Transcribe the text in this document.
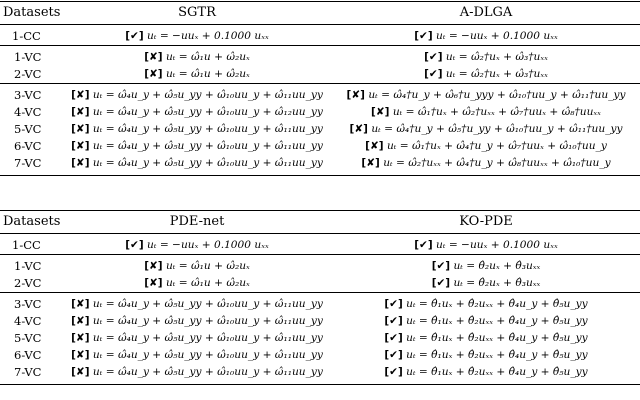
Datasets	SGTR	A-DLGA
1-CC	[✔] uₜ = −uuₓ + 0.1000 uₓₓ	[✔] uₜ = −uuₓ + 0.1000 uₓₓ
1-VC	[✘] uₜ = ω̂₁u + ω̂₂uₓ	[✔] uₜ = ω̂₂†uₓ + ω̂₃†uₓₓ
2-VC	[✘] uₜ = ω̂₁u + ω̂₂uₓ	[✔] uₜ = ω̂₂†uₓ + ω̂₃†uₓₓ
3-VC	[✘] uₜ = ω̂₄u_y + ω̂₅u_yy + ω̂₁₀uu_y + ω̂₁₁uu_yy	[✘] uₜ = ω̂₄†u_y + ω̂₆†u_yyy + ω̂₁₀†uu_y + ω̂₁₁†uu_yy
4-VC	[✘] uₜ = ω̂₄u_y + ω̂₅u_yy + ω̂₁₀uu_y + ω̂₁₂uu_yy	[✘] uₜ = ω̂₁†uₓ + ω̂₂†uₓₓ + ω̂₇†uuₓ + ω̂₈†uuₓₓ
5-VC	[✘] uₜ = ω̂₄u_y + ω̂₅u_yy + ω̂₁₀uu_y + ω̂₁₁uu_yy	[✘] uₜ = ω̂₄†u_y + ω̂₅†u_yy + ω̂₁₀†uu_y + ω̂₁₁†uu_yy
6-VC	[✘] uₜ = ω̂₄u_y + ω̂₅u_yy + ω̂₁₀uu_y + ω̂₁₁uu_yy	[✘] uₜ = ω̂₁†uₓ + ω̂₄†u_y + ω̂₇†uuₓ + ω̂₁₀†uu_y
7-VC	[✘] uₜ = ω̂₄u_y + ω̂₅u_yy + ω̂₁₀uu_y + ω̂₁₁uu_yy	[✘] uₜ = ω̂₂†uₓₓ + ω̂₄†u_y + ω̂₈†uuₓₓ + ω̂₁₀†uu_y
Datasets	PDE-net	KO-PDE
1-CC	[✔] uₜ = −uuₓ + 0.1000 uₓₓ	[✔] uₜ = −uuₓ + 0.1000 uₓₓ
1-VC	[✘] uₜ = ω̂₁u + ω̂₂uₓ	[✔] uₜ = θ̂₂uₓ + θ̂₃uₓₓ
2-VC	[✘] uₜ = ω̂₁u + ω̂₂uₓ	[✔] uₜ = θ̂₂uₓ + θ̂₃uₓₓ
3-VC	[✘] uₜ = ω̂₄u_y + ω̂₅u_yy + ω̂₁₀uu_y + ω̂₁₁uu_yy	[✔] uₜ = θ̂₁uₓ + θ̂₂uₓₓ + θ̂₄u_y + θ̂₅u_yy
4-VC	[✘] uₜ = ω̂₄u_y + ω̂₅u_yy + ω̂₁₀uu_y + ω̂₁₁uu_yy	[✔] uₜ = θ̂₁uₓ + θ̂₂uₓₓ + θ̂₄u_y + θ̂₅u_yy
5-VC	[✘] uₜ = ω̂₄u_y + ω̂₅u_yy + ω̂₁₀uu_y + ω̂₁₁uu_yy	[✔] uₜ = θ̂₁uₓ + θ̂₂uₓₓ + θ̂₄u_y + θ̂₅u_yy
6-VC	[✘] uₜ = ω̂₄u_y + ω̂₅u_yy + ω̂₁₀uu_y + ω̂₁₁uu_yy	[✔] uₜ = θ̂₁uₓ + θ̂₂uₓₓ + θ̂₄u_y + θ̂₅u_yy
7-VC	[✘] uₜ = ω̂₄u_y + ω̂₅u_yy + ω̂₁₀uu_y + ω̂₁₁uu_yy	[✔] uₜ = θ̂₁uₓ + θ̂₂uₓₓ + θ̂₄u_y + θ̂₅u_yy
